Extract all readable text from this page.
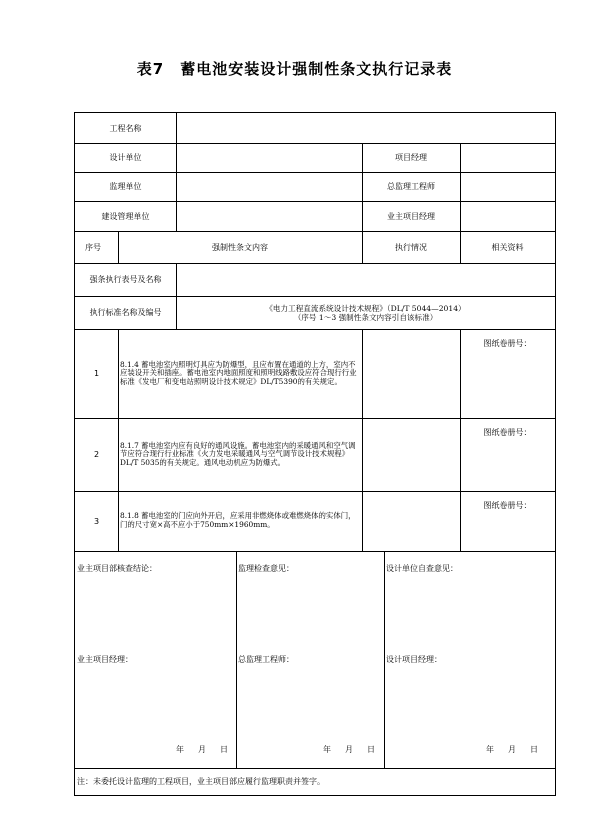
表7　蓄电池安装设计强制性条文执行记录表
工程名称
设计单位	项目经理
监理单位	总监理工程师
建设管理单位	业主项目经理
序号	强制性条文内容	执行情况	相关资料
强条执行表号及名称
执行标准名称及编号	《电力工程直流系统设计技术规程》（DL/T 5044—2014）
（序号 1～3 强制性条文内容引自该标准）
1
8.1.4 蓄电池室内照明灯具应为防爆型，且应布置在通道的上方，室内不应装设开关和插座。蓄电池室内地面照度和照明线路敷设应符合现行行业标准《发电厂和变电站照明设计技术规定》DL/T5390的有关规定。
图纸卷册号：
2
8.1.7 蓄电池室内应有良好的通风设施。蓄电池室内的采暖通风和空气调节应符合现行行业标准《火力发电采暖通风与空气调节设计技术规程》DL/T 5035的有关规定。通风电动机应为防爆式。
图纸卷册号：
3
8.1.8 蓄电池室的门应向外开启，应采用非燃烧体或难燃烧体的实体门，门的尺寸宽×高不应小于750mm×1960mm。
图纸卷册号：
业主项目部核查结论：	监理检查意见：	设计单位自查意见：
业主项目经理：	总监理工程师：	设计项目经理：
年 月 日	年 月 日	年 月 日
注：未委托设计监理的工程项目，业主项目部应履行监理职责并签字。
